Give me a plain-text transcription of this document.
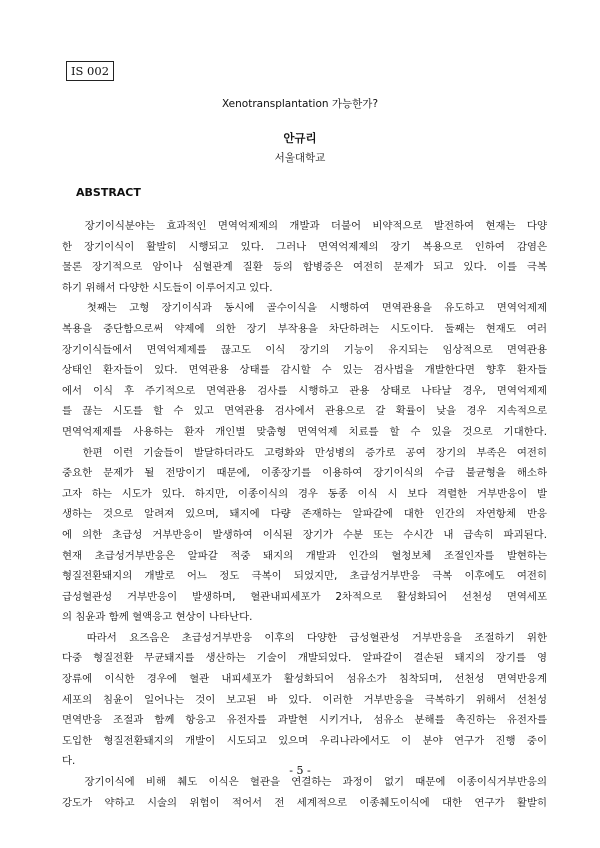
IS 002
Xenotransplantation 가능한가?
안규리
서울대학교
ABSTRACT
장기이식분야는 효과적인 면역억제제의 개발과 더불어 비약적으로 발전하여 현재는 다양
한 장기이식이 활발히 시행되고 있다. 그러나 면역억제제의 장기 복용으로 인하여 감염은
물론 장기적으로 암이나 심혈관계 질환 등의 합병증은 여전히 문제가 되고 있다. 이를 극복
하기 위해서 다양한 시도들이 이루어지고 있다.
첫째는 고형 장기이식과 동시에 골수이식을 시행하여 면역관용을 유도하고 면역억제제
복용을 중단함으로써 약제에 의한 장기 부작용을 차단하려는 시도이다. 둘째는 현재도 여러
장기이식들에서 면역억제제를 끊고도 이식 장기의 기능이 유지되는 임상적으로 면역관용
상태인 환자들이 있다. 면역관용 상태를 감시할 수 있는 검사법을 개발한다면 향후 환자들
에서 이식 후 주기적으로 면역관용 검사를 시행하고 관용 상태로 나타날 경우, 면역억제제
를 끊는 시도를 할 수 있고 면역관용 검사에서 관용으로 갈 확률이 낮을 경우 지속적으로
면역억제제를 사용하는 환자 개인별 맞춤형 면역억제 치료를 할 수 있을 것으로 기대한다.
한편 이런 기술들이 발달하더라도 고령화와 만성병의 증가로 공여 장기의 부족은 여전히
중요한 문제가 될 전망이기 때문에, 이종장기를 이용하여 장기이식의 수급 불균형을 해소하
고자 하는 시도가 있다. 하지만, 이종이식의 경우 동종 이식 시 보다 격렬한 거부반응이 발
생하는 것으로 알려져 있으며, 돼지에 다량 존재하는 알파갈에 대한 인간의 자연항체 반응
에 의한 초급성 거부반응이 발생하여 이식된 장기가 수분 또는 수시간 내 급속히 파괴된다.
현재 초급성거부반응은 알파갈 적중 돼지의 개발과 인간의 혈청보체 조절인자를 발현하는
형질전환돼지의 개발로 어느 정도 극복이 되었지만, 초급성거부반응 극복 이후에도 여전히
급성혈관성 거부반응이 발생하며, 혈관내피세포가 2차적으로 활성화되어 선천성 면역세포
의 침윤과 함께 혈액응고 현상이 나타난다.
따라서 요즈음은 초급성거부반응 이후의 다양한 급성혈관성 거부반응을 조절하기 위한
다중 형질전환 무균돼지를 생산하는 기술이 개발되었다. 알파갈이 결손된 돼지의 장기를 영
장류에 이식한 경우에 혈관 내피세포가 활성화되어 섬유소가 침착되며, 선천성 면역반응계
세포의 침윤이 일어나는 것이 보고된 바 있다. 이러한 거부반응을 극복하기 위해서 선천성
면역반응 조절과 함께 항응고 유전자를 과발현 시키거나, 섬유소 분해를 촉진하는 유전자를
도입한 형질전환돼지의 개발이 시도되고 있으며 우리나라에서도 이 분야 연구가 진행 중이
다.
장기이식에 비해 췌도 이식은 혈관을 연결하는 과정이 없기 때문에 이종이식거부반응의
강도가 약하고 시술의 위험이 적어서 전 세계적으로 이종췌도이식에 대한 연구가 활발히
- 5 -
